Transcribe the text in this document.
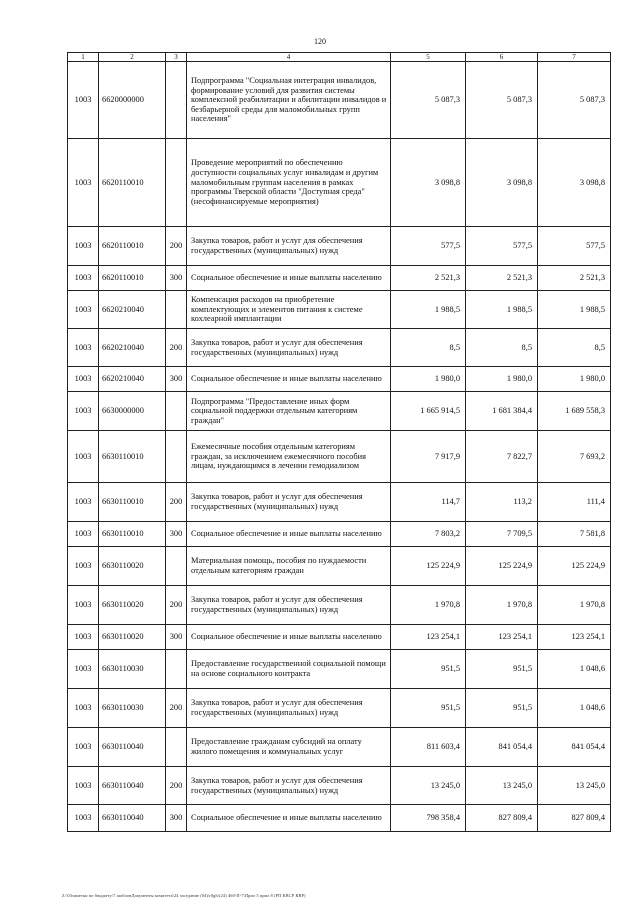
120
1	2	3	4	5	6	7
1003	6620000000		Подпрограмма "Социальная интеграция инвалидов, формирование условий для развития системы комплексной реабилитации и абилитации инвалидов и безбарьерной среды для маломобильных групп населения"	5 087,3	5 087,3	5 087,3
1003	6620110010		Проведение мероприятий по обеспечению доступности социальных услуг инвалидам и другим маломобильным группам населения в рамках программы Тверской области "Доступная среда" (несофинансируемые мероприятия)	3 098,8	3 098,8	3 098,8
1003	6620110010	200	Закупка товаров, работ и услуг для обеспечения государственных (муниципальных) нужд	577,5	577,5	577,5
1003	6620110010	300	Социальное обеспечение и иные выплаты населению	2 521,3	2 521,3	2 521,3
1003	6620210040		Компенсация расходов на приобретение комплектующих и элементов питания к системе кохлеарной имплантации	1 988,5	1 988,5	1 988,5
1003	6620210040	200	Закупка товаров, работ и услуг для обеспечения государственных (муниципальных) нужд	8,5	8,5	8,5
1003	6620210040	300	Социальное обеспечение и иные выплаты населению	1 980,0	1 980,0	1 980,0
1003	6630000000		Подпрограмма "Предоставление иных форм социальной поддержки отдельным категориям граждан"	1 665 914,5	1 681 384,4	1 689 558,3
1003	6630110010		Ежемесячные пособия отдельным категориям граждан, за исключением ежемесячного пособия лицам, нуждающимся в лечении гемодиализом	7 917,9	7 822,7	7 693,2
1003	6630110010	200	Закупка товаров, работ и услуг для обеспечения государственных (муниципальных) нужд	114,7	113,2	111,4
1003	6630110010	300	Социальное обеспечение и иные выплаты населению	7 803,2	7 709,5	7 581,8
1003	6630110020		Материальная помощь, пособия по нуждаемости отдельным категориям граждан	125 224,9	125 224,9	125 224,9
1003	6630110020	200	Закупка товаров, работ и услуг для обеспечения государственных (муниципальных) нужд	1 970,8	1 970,8	1 970,8
1003	6630110020	300	Социальное обеспечение и иные выплаты населению	123 254,1	123 254,1	123 254,1
1003	6630110030		Предоставление государственной социальной помощи на основе социального контракта	951,5	951,5	1 048,6
1003	6630110030	200	Закупка товаров, работ и услуг для обеспечения государственных (муниципальных) нужд	951,5	951,5	1 048,6
1003	6630110040		Предоставление гражданам субсидий на оплату жилого помещения и коммунальных услуг	811 603,4	841 054,4	841 054,4
1003	6630110040	200	Закупка товаров, работ и услуг для обеспечения государственных (муниципальных) нужд	13 245,0	13 245,0	13 245,0
1003	6630110040	300	Социальное обеспечение и иные выплаты населению	798 358,4	827 809,4	827 809,4
Z:\03заметки по бюджету\7 шаблонДокументы комитета\24 заседание (04)\r0gb\(24) 460-П-7\Прил 5 прил 8 (РП КВСР КВР)
